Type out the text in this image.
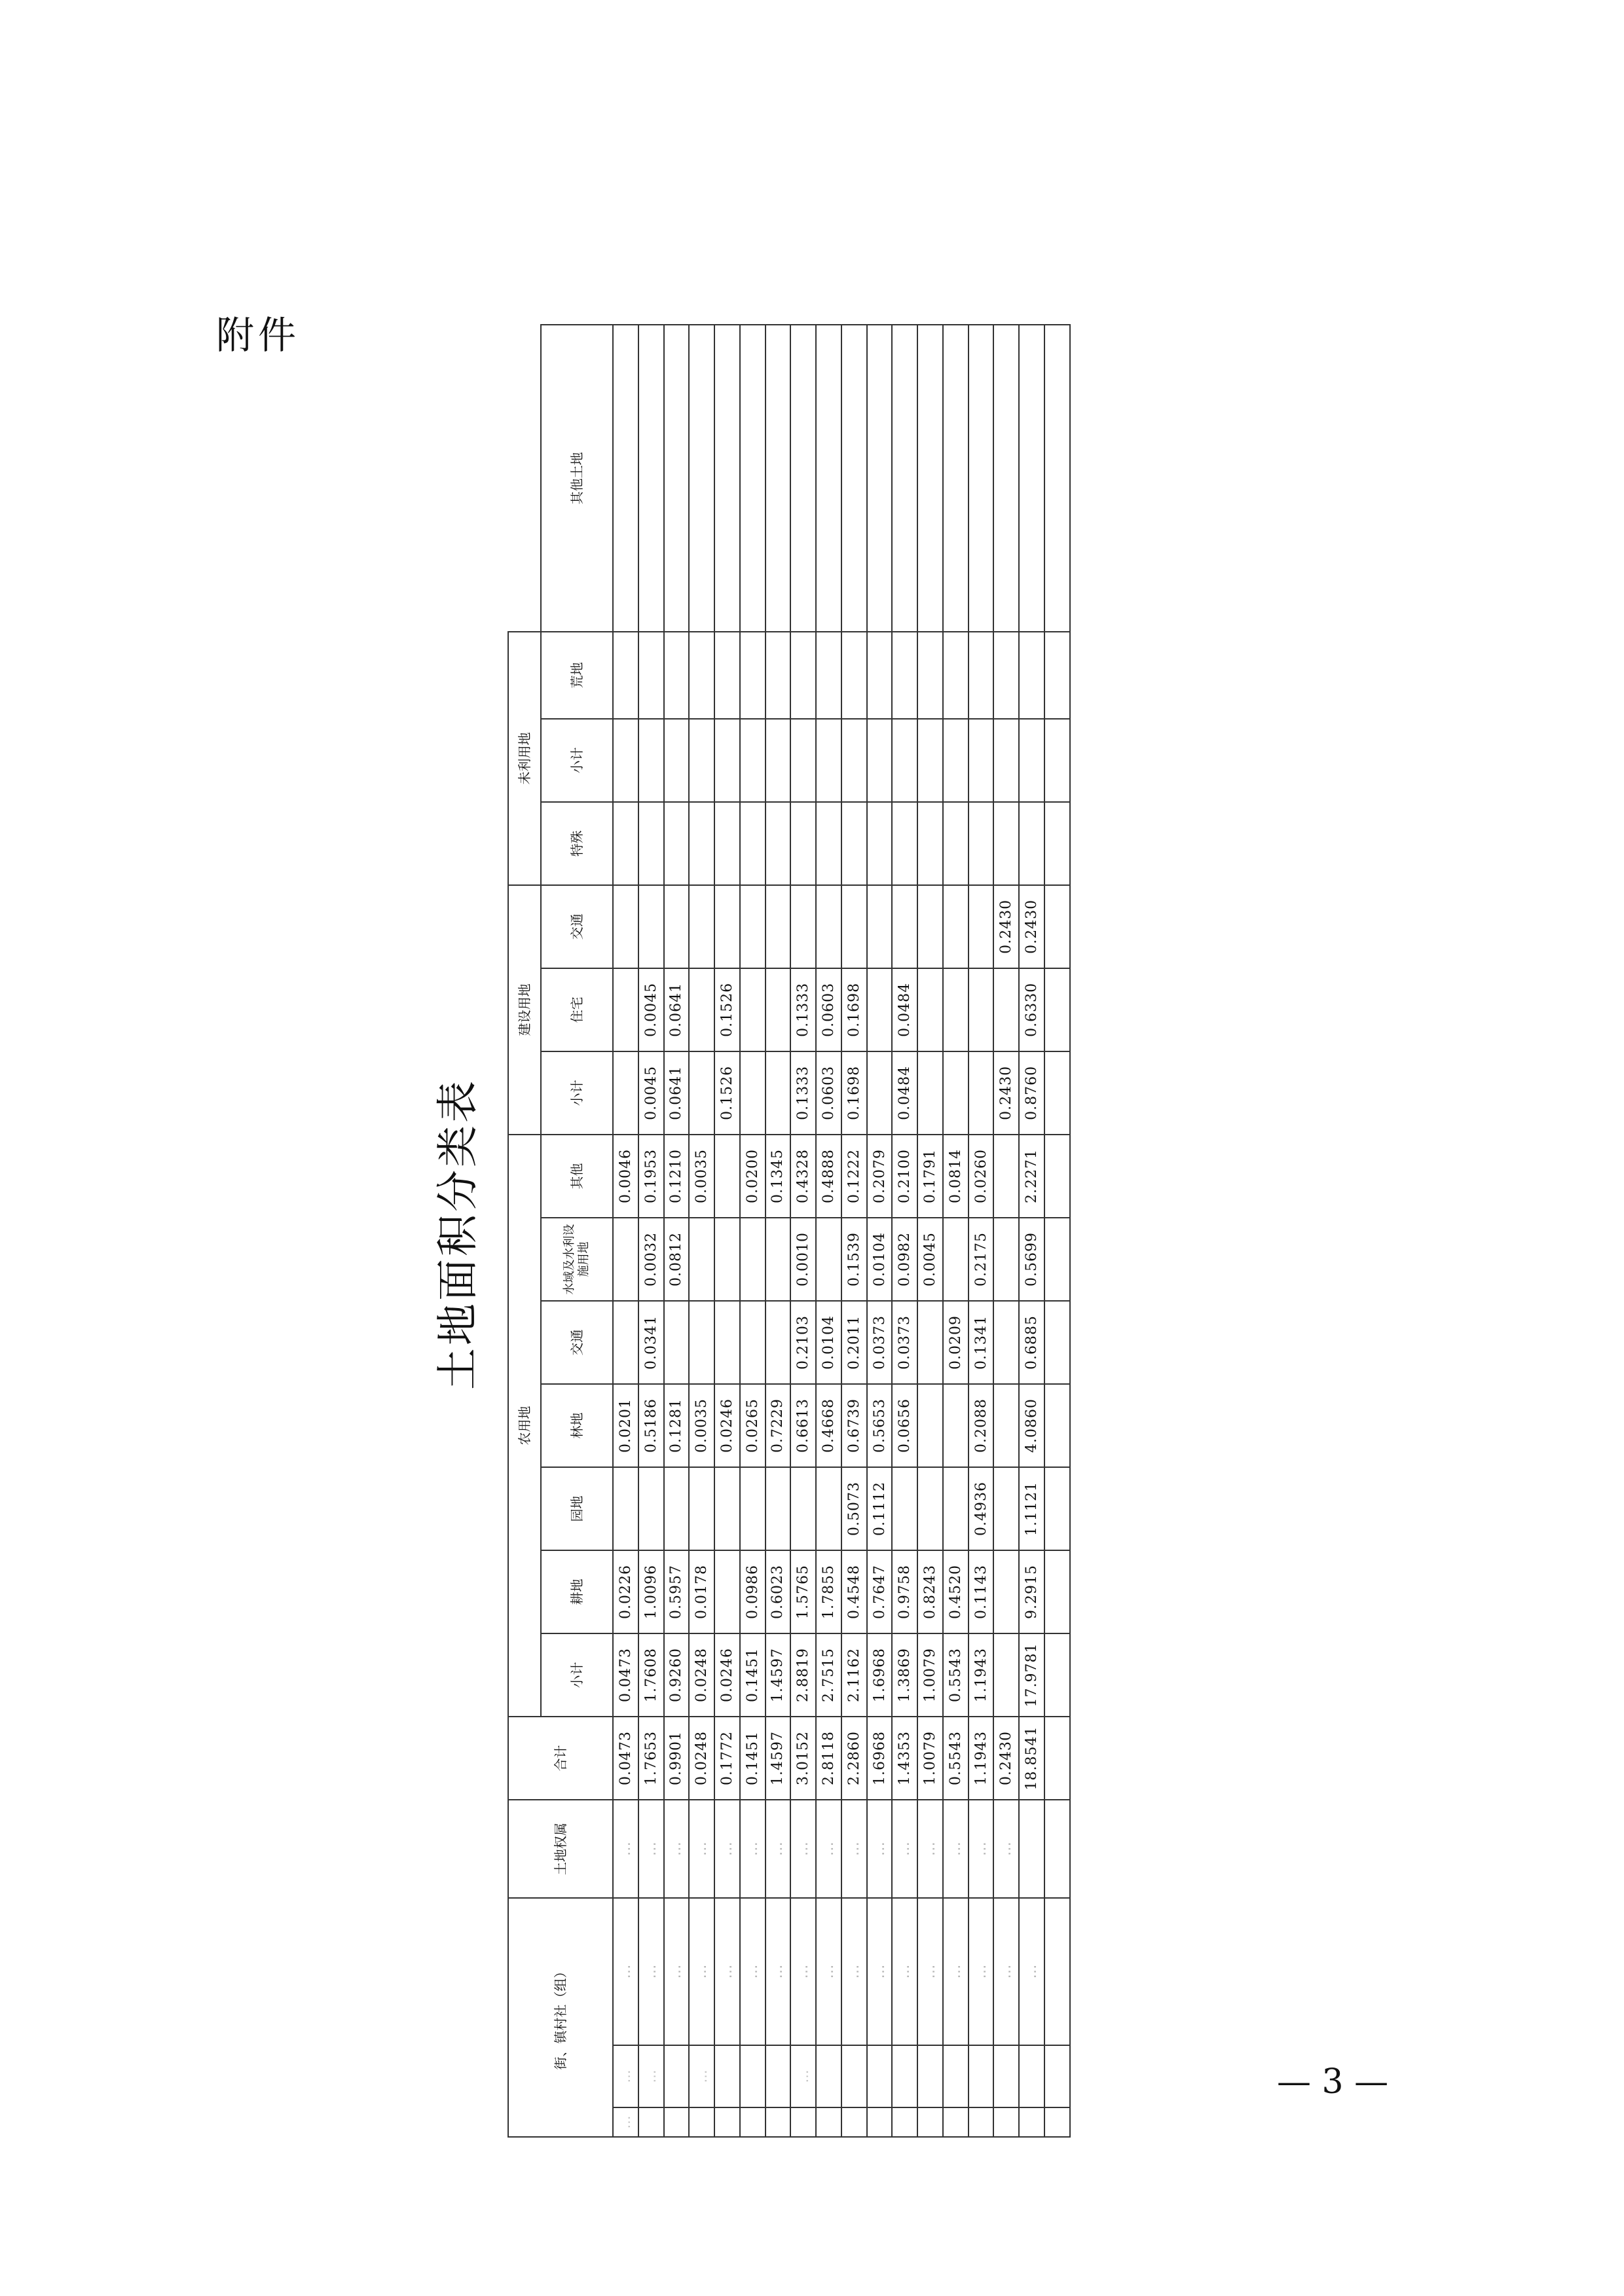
附件
— 3 —
土地面积分类表
街、镇村社（组）			土地权属	合计	农用地							建设用地			未利用地			
					小计	耕地	园地	林地	交通	水域及水利设施用地	其他	小计	住宅	交通	特殊	小计	荒地	其他土地
…	…	…	…	0.0473	0.0473	0.0226		0.0201			0.0046							
	…	…	…	1.7653	1.7608	1.0096		0.5186	0.0341	0.0032	0.1953	0.0045	0.0045					
		…	…	0.9901	0.9260	0.5957		0.1281		0.0812	0.1210	0.0641	0.0641					
	…	…	…	0.0248	0.0248	0.0178		0.0035			0.0035							
		…	…	0.1772	0.0246			0.0246				0.1526	0.1526					
		…	…	0.1451	0.1451	0.0986		0.0265			0.0200							
		…	…	1.4597	1.4597	0.6023		0.7229			0.1345							
	…	…	…	3.0152	2.8819	1.5765		0.6613	0.2103	0.0010	0.4328	0.1333	0.1333					
		…	…	2.8118	2.7515	1.7855		0.4668	0.0104		0.4888	0.0603	0.0603					
		…	…	2.2860	2.1162	0.4548	0.5073	0.6739	0.2011	0.1539	0.1222	0.1698	0.1698					
		…	…	1.6968	1.6968	0.7647	0.1112	0.5653	0.0373	0.0104	0.2079							
		…	…	1.4353	1.3869	0.9758		0.0656	0.0373	0.0982	0.2100	0.0484	0.0484					
		…	…	1.0079	1.0079	0.8243				0.0045	0.1791							
		…	…	0.5543	0.5543	0.4520			0.0209		0.0814							
		…	…	1.1943	1.1943	0.1143	0.4936	0.2088	0.1341	0.2175	0.0260							
		…	…	0.2430								0.2430		0.2430				
		…		18.8541	17.9781	9.2915	1.1121	4.0860	0.6885	0.5699	2.2271	0.8760	0.6330	0.2430				
